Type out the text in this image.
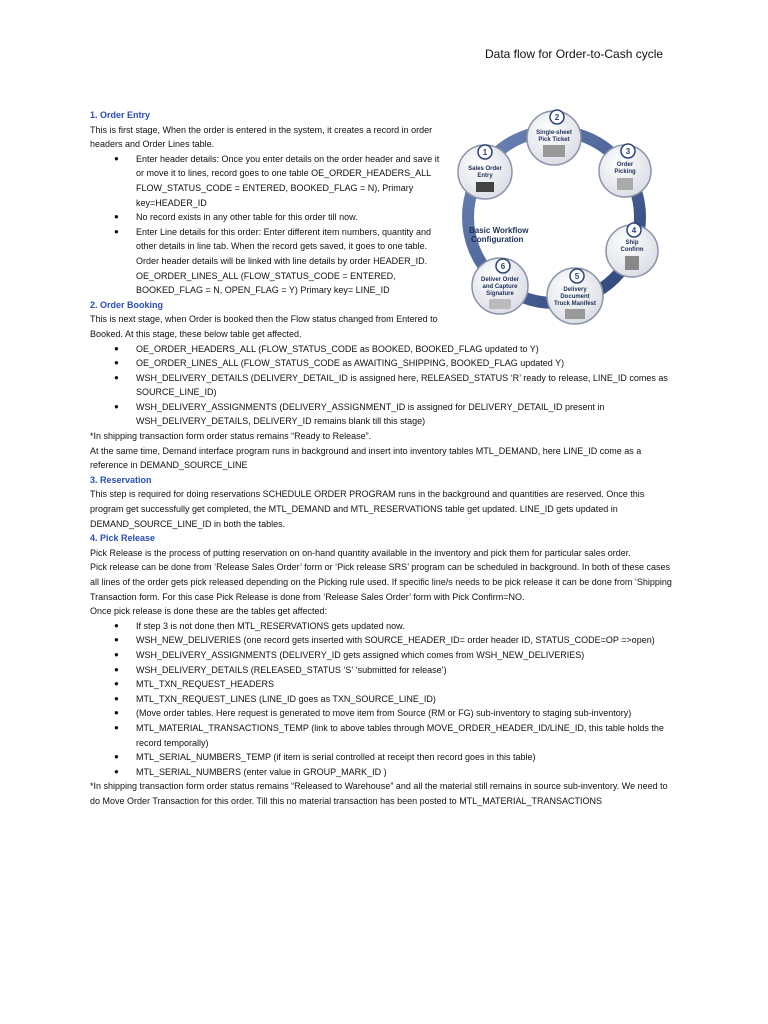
Data flow for Order-to-Cash cycle
Basic Workflow
Configuration
1
Sales Order
Entry
2
Single-sheet
Pick Ticket
3
Order
Picking
4
Ship
Confirm
5
Delivery
Document
Truck Manifest
6
Deliver Order
and Capture
Signature

1. Order Entry

This is first stage, When the order is entered in the system, it creates a record in order headers and Order Lines table.

● Enter header details: Once you enter details on the order header and save it or move it to lines, record goes to one table OE_ORDER_HEADERS_ALL FLOW_STATUS_CODE = ENTERED, BOOKED_FLAG = N), Primary key=HEADER_ID
● No record exists in any other table for this order till now.
● Enter Line details for this order: Enter different item numbers, quantity and other details in line tab. When the record gets saved, it goes to one table. Order header details will be linked with line details by order HEADER_ID. OE_ORDER_LINES_ALL (FLOW_STATUS_CODE = ENTERED, BOOKED_FLAG = N, OPEN_FLAG = Y) Primary key= LINE_ID

2. Order Booking

This is next stage, when Order is booked then the Flow status changed from Entered to Booked. At this stage, these below table get affected.

● OE_ORDER_HEADERS_ALL (FLOW_STATUS_CODE as BOOKED, BOOKED_FLAG updated to Y)
● OE_ORDER_LINES_ALL (FLOW_STATUS_CODE as AWAITING_SHIPPING, BOOKED_FLAG updated Y)
● WSH_DELIVERY_DETAILS (DELIVERY_DETAIL_ID is assigned here, RELEASED_STATUS ‘R’ ready to release, LINE_ID comes as SOURCE_LINE_ID)
● WSH_DELIVERY_ASSIGNMENTS (DELIVERY_ASSIGNMENT_ID is assigned for DELIVERY_DETAIL_ID present in WSH_DELIVERY_DETAILS, DELIVERY_ID remains blank till this stage)

*In shipping transaction form order status remains “Ready to Release”.

At the same time, Demand interface program runs in background and insert into inventory tables MTL_DEMAND, here LINE_ID come as a reference in DEMAND_SOURCE_LINE

3. Reservation

This step is required for doing reservations SCHEDULE ORDER PROGRAM runs in the background and quantities are reserved. Once this program get successfully get completed, the MTL_DEMAND and MTL_RESERVATIONS table get updated. LINE_ID gets updated in DEMAND_SOURCE_LINE_ID in both the tables.

4. Pick Release

Pick Release is the process of putting reservation on on-hand quantity available in the inventory and pick them for particular sales order.

Pick release can be done from ‘Release Sales Order’ form or ‘Pick release SRS’ program can be scheduled in background. In both of these cases all lines of the order gets pick released depending on the Picking rule used. If specific line/s needs to be pick release it can be done from ‘Shipping Transaction form. For this case Pick Release is done from ‘Release Sales Order’ form with Pick Confirm=NO.

Once pick release is done these are the tables get affected:

● If step 3 is not done then MTL_RESERVATIONS gets updated now.
● WSH_NEW_DELIVERIES (one record gets inserted with SOURCE_HEADER_ID= order header ID, STATUS_CODE=OP =>open)
● WSH_DELIVERY_ASSIGNMENTS (DELIVERY_ID gets assigned which comes from WSH_NEW_DELIVERIES)
● WSH_DELIVERY_DETAILS (RELEASED_STATUS ‘S’ ‘submitted for release’)
● MTL_TXN_REQUEST_HEADERS
● MTL_TXN_REQUEST_LINES (LINE_ID goes as TXN_SOURCE_LINE_ID)
● (Move order tables. Here request is generated to move item from Source (RM or FG) sub-inventory to staging sub-inventory)
● MTL_MATERIAL_TRANSACTIONS_TEMP (link to above tables through MOVE_ORDER_HEADER_ID/LINE_ID, this table holds the record temporally)
● MTL_SERIAL_NUMBERS_TEMP (if item is serial controlled at receipt then record goes in this table)
● MTL_SERIAL_NUMBERS (enter value in GROUP_MARK_ID )

*In shipping transaction form order status remains “Released to Warehouse” and all the material still remains in source sub-inventory. We need to do Move Order Transaction for this order. Till this no material transaction has been posted to MTL_MATERIAL_TRANSACTIONS
